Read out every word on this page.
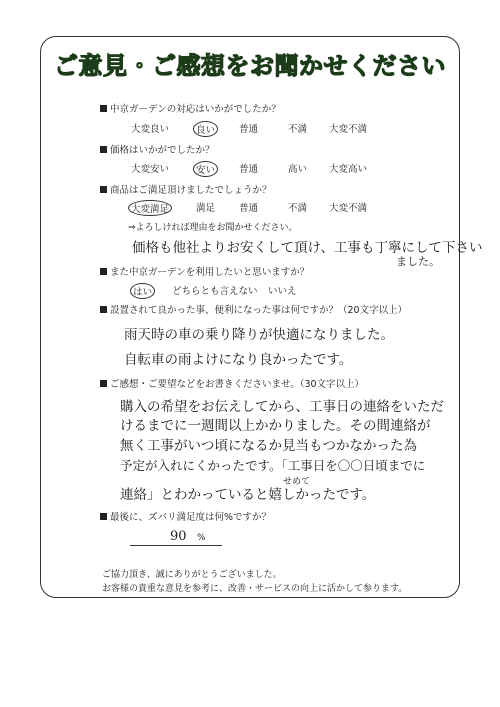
ご意見・ご感想をお聞かせください
中京ガーデンの対応はいかがでしたか？
大変良い	良い	普通	不満 大変不満
価格はいかがでしたか？
大変安い	安い	普通	高い 大変高い
商品はご満足頂けましたでしょうか？
大変満足	満足	普通	不満 大変不満
⇒よろしければ理由をお聞かせください。
価格も他社よりお安くして頂け、工事も丁寧にして下さい
ました。
また中京ガーデンを利用したいと思いますか？
はい	どちらとも言えない いいえ
設置されて良かった事、便利になった事は何ですか？（20文字以上）
雨天時の車の乗り降りが快適になりました。
自転車の雨よけになり良かったです。
ご感想・ご要望などをお書きくださいませ。（30文字以上）
購入の希望をお伝えしてから、工事日の連絡をいただ
けるまでに一週間以上かかりました。その間連絡が
無く工事がいつ頃になるか見当もつかなかった為
予定が入れにくかったです。「工事日を〇〇日頃までに
せめて
連絡」とわかっていると嬉しかったです。
最後に、ズバリ満足度は何%ですか？
90 %
ご協力頂き、誠にありがとうございました。
お客様の貴重な意見を参考に、改善・サービスの向上に活かして参ります。
